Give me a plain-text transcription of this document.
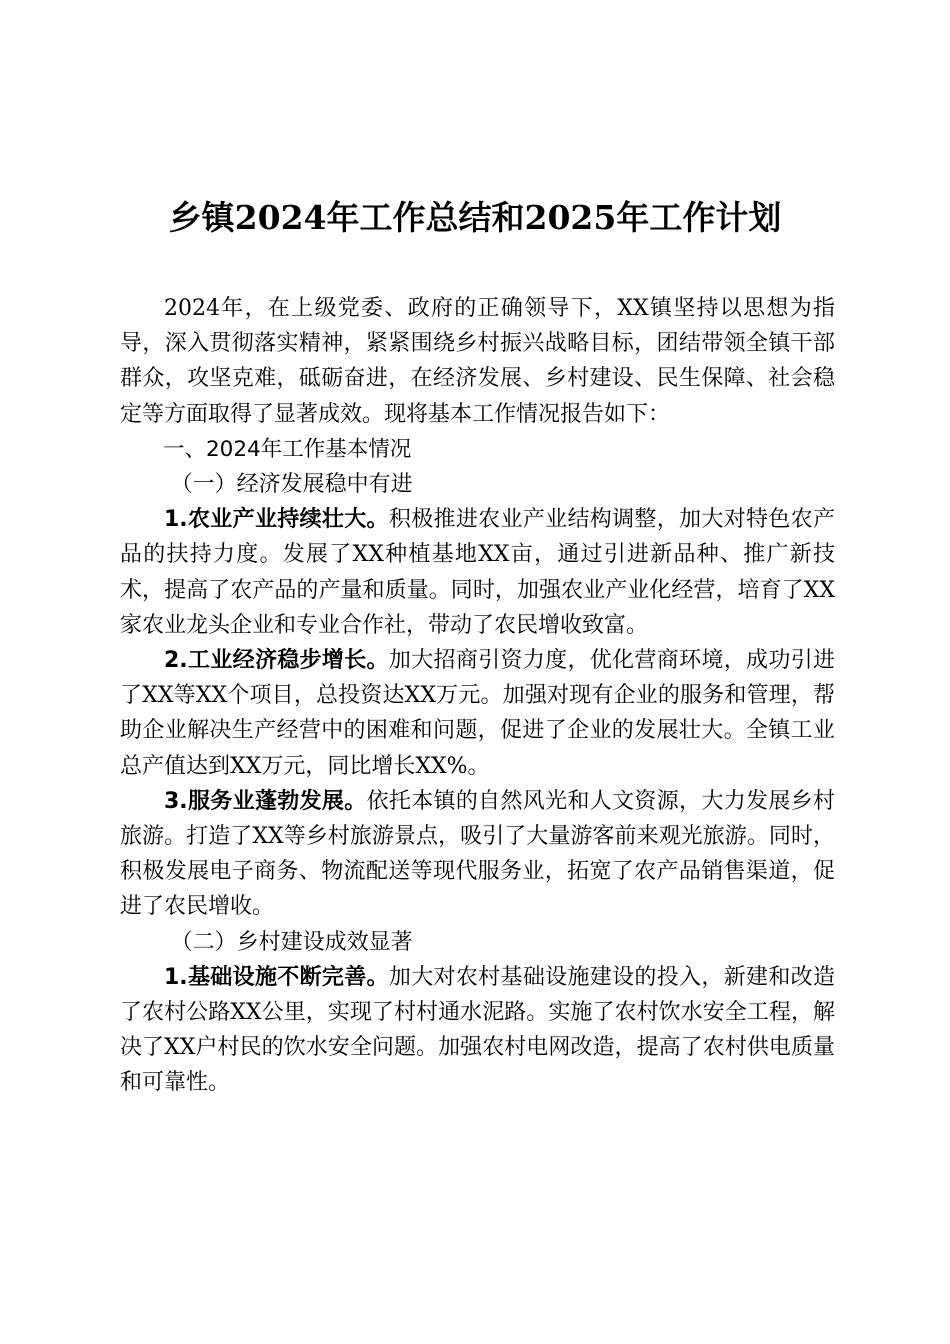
乡镇2024年工作总结和2025年工作计划

2024年，在上级党委、政府的正确领导下，XX镇坚持以思想为指导，深入贯彻落实精神，紧紧围绕乡村振兴战略目标，团结带领全镇干部群众，攻坚克难，砥砺奋进，在经济发展、乡村建设、民生保障、社会稳定等方面取得了显著成效。现将基本工作情况报告如下：

一、2024年工作基本情况

（一）经济发展稳中有进

1.农业产业持续壮大。积极推进农业产业结构调整，加大对特色农产品的扶持力度。发展了XX种植基地XX亩，通过引进新品种、推广新技术，提高了农产品的产量和质量。同时，加强农业产业化经营，培育了XX家农业龙头企业和专业合作社，带动了农民增收致富。

2.工业经济稳步增长。加大招商引资力度，优化营商环境，成功引进了XX等XX个项目，总投资达XX万元。加强对现有企业的服务和管理，帮助企业解决生产经营中的困难和问题，促进了企业的发展壮大。全镇工业总产值达到XX万元，同比增长XX%。

3.服务业蓬勃发展。依托本镇的自然风光和人文资源，大力发展乡村旅游。打造了XX等乡村旅游景点，吸引了大量游客前来观光旅游。同时，积极发展电子商务、物流配送等现代服务业，拓宽了农产品销售渠道，促进了农民增收。

（二）乡村建设成效显著

1.基础设施不断完善。加大对农村基础设施建设的投入，新建和改造了农村公路XX公里，实现了村村通水泥路。实施了农村饮水安全工程，解决了XX户村民的饮水安全问题。加强农村电网改造，提高了农村供电质量和可靠性。
